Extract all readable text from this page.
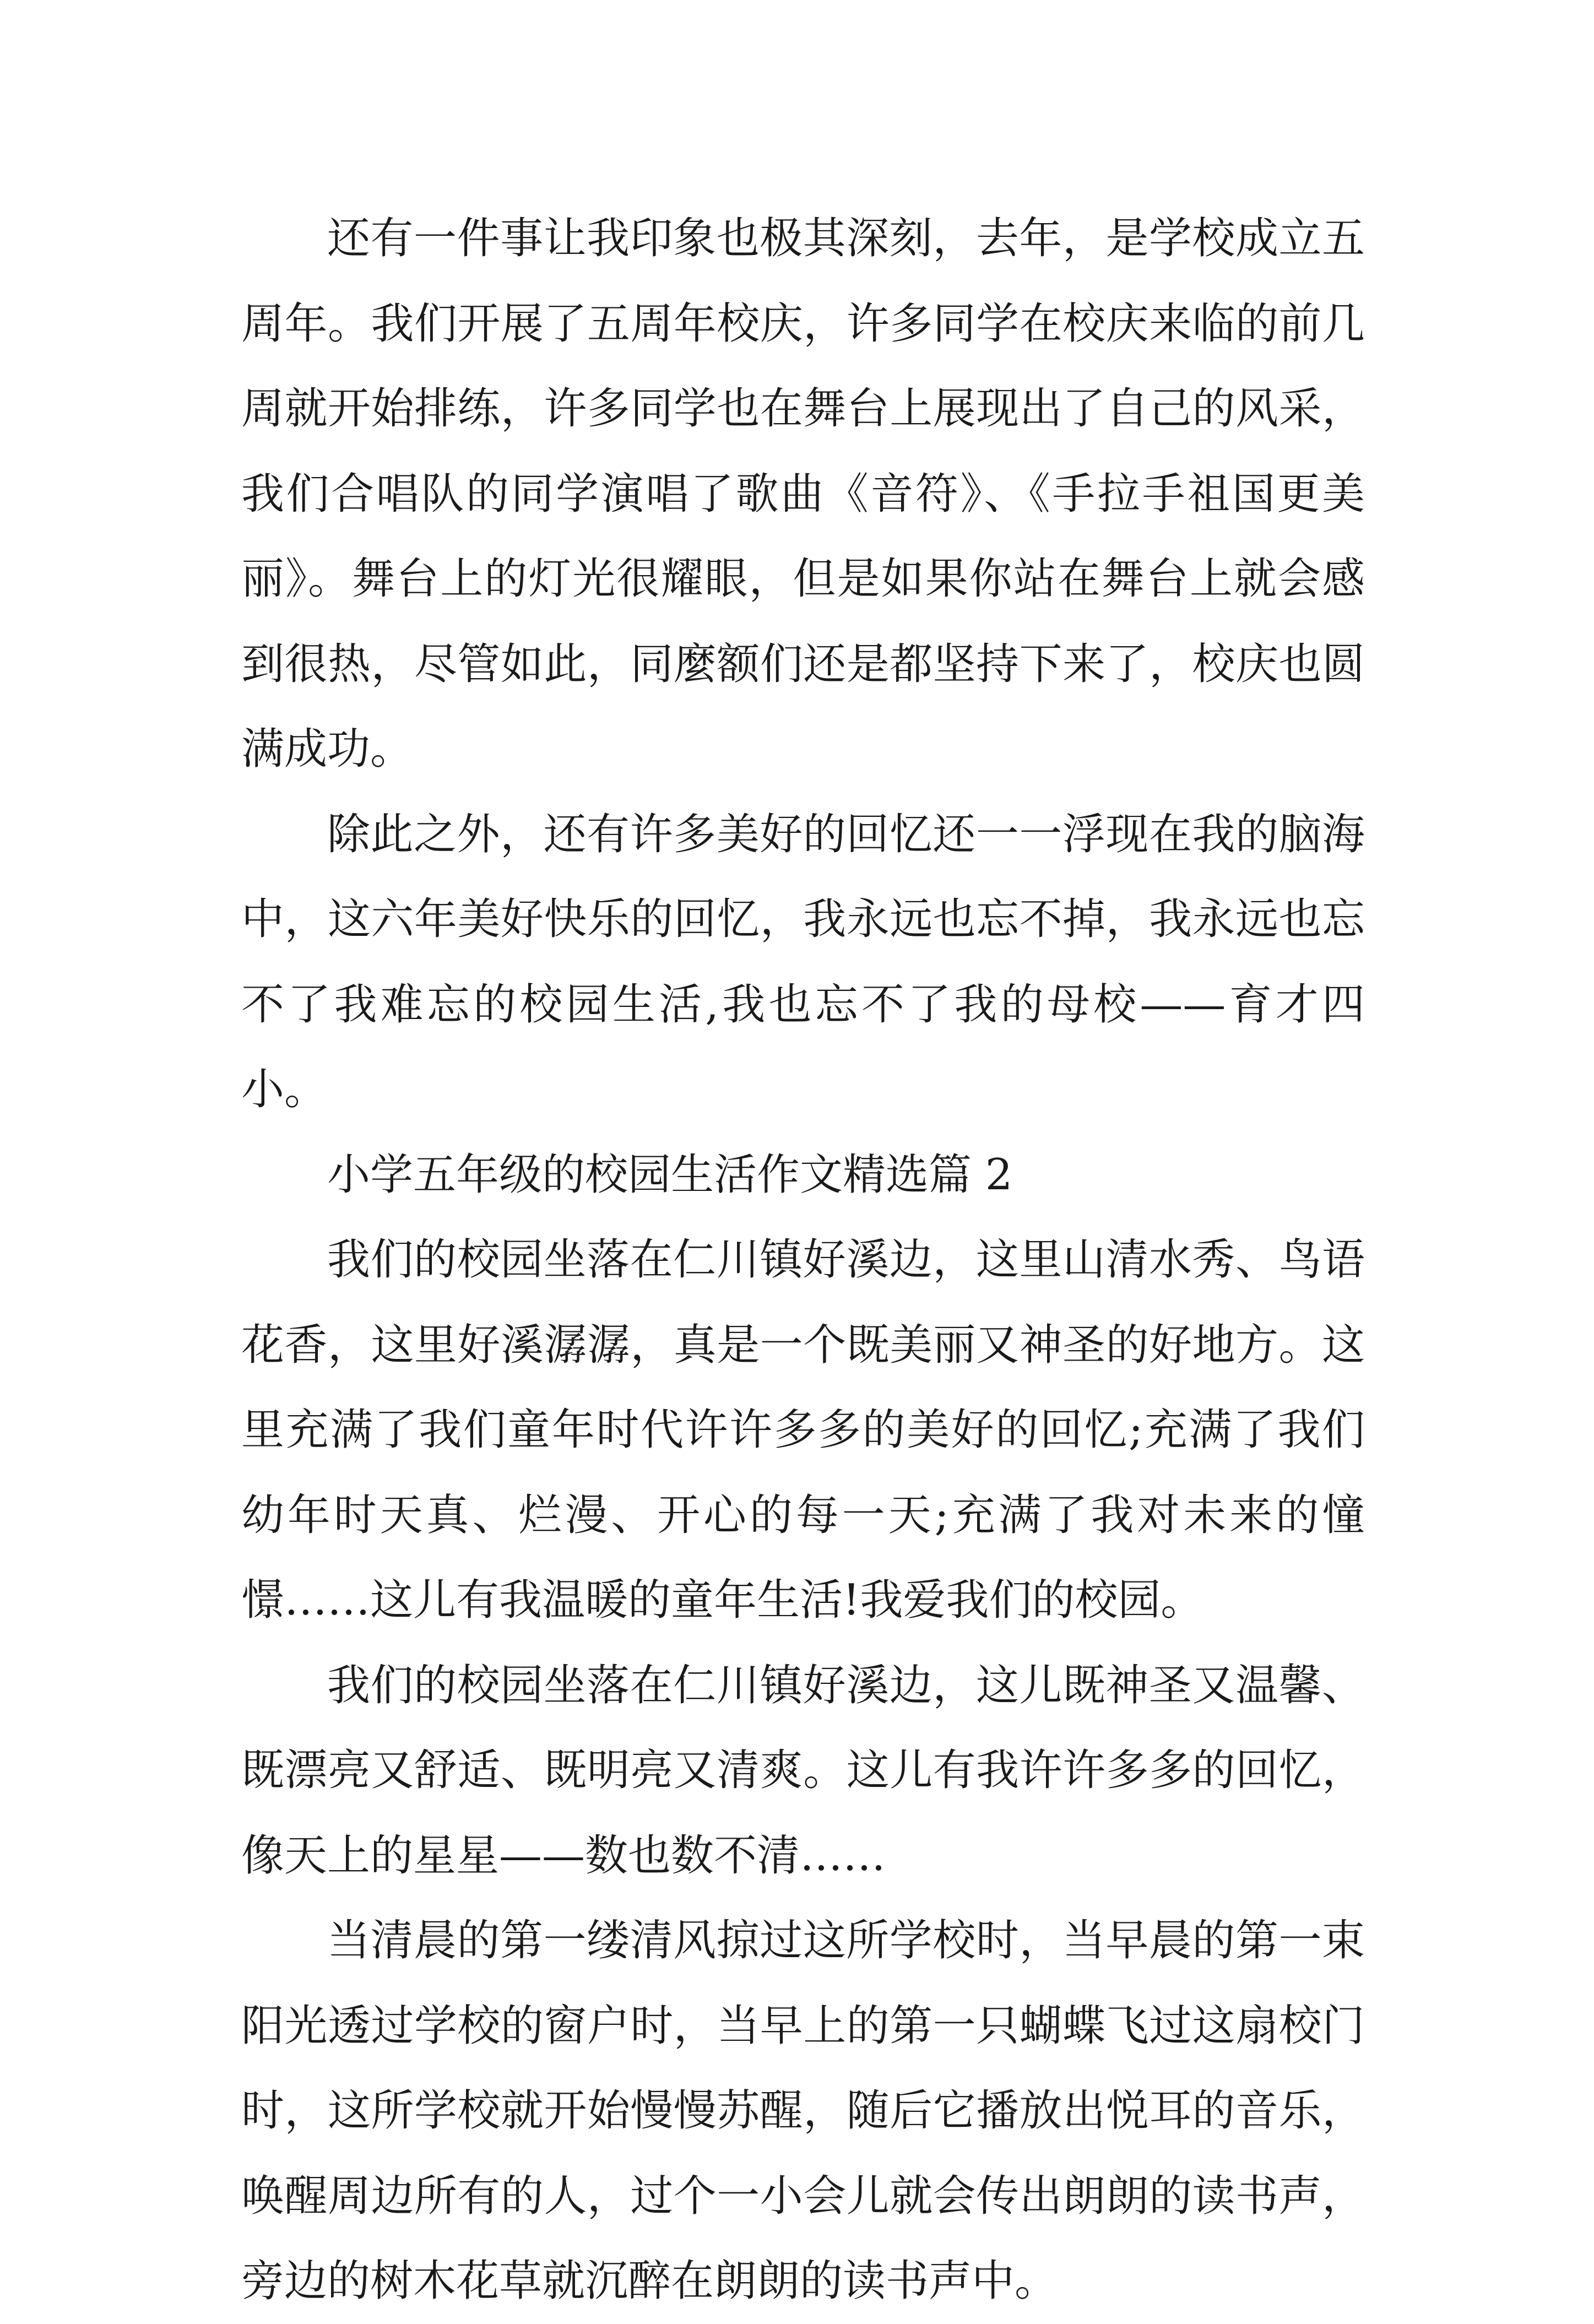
还有一件事让我印象也极其深刻，去年，是学校成立五周年。我们开展了五周年校庆，许多同学在校庆来临的前几周就开始排练，许多同学也在舞台上展现出了自己的风采，我们合唱队的同学演唱了歌曲《音符》、《手拉手祖国更美丽》。舞台上的灯光很耀眼，但是如果你站在舞台上就会感到很热，尽管如此，同麼额们还是都坚持下来了，校庆也圆满成功。

除此之外，还有许多美好的回忆还一一浮现在我的脑海中，这六年美好快乐的回忆，我永远也忘不掉，我永远也忘不了我难忘的校园生活,我也忘不了我的母校——育才四小。

小学五年级的校园生活作文精选篇 2

我们的校园坐落在仁川镇好溪边，这里山清水秀、鸟语花香，这里好溪潺潺，真是一个既美丽又神圣的好地方。这里充满了我们童年时代许许多多的美好的回忆;充满了我们幼年时天真、烂漫、开心的每一天;充满了我对未来的憧憬……这儿有我温暖的童年生活!我爱我们的校园。

我们的校园坐落在仁川镇好溪边，这儿既神圣又温馨、既漂亮又舒适、既明亮又清爽。这儿有我许许多多的回忆，像天上的星星——数也数不清……

当清晨的第一缕清风掠过这所学校时，当早晨的第一束阳光透过学校的窗户时，当早上的第一只蝴蝶飞过这扇校门时，这所学校就开始慢慢苏醒，随后它播放出悦耳的音乐，唤醒周边所有的人，过个一小会儿就会传出朗朗的读书声，旁边的树木花草就沉醉在朗朗的读书声中。
